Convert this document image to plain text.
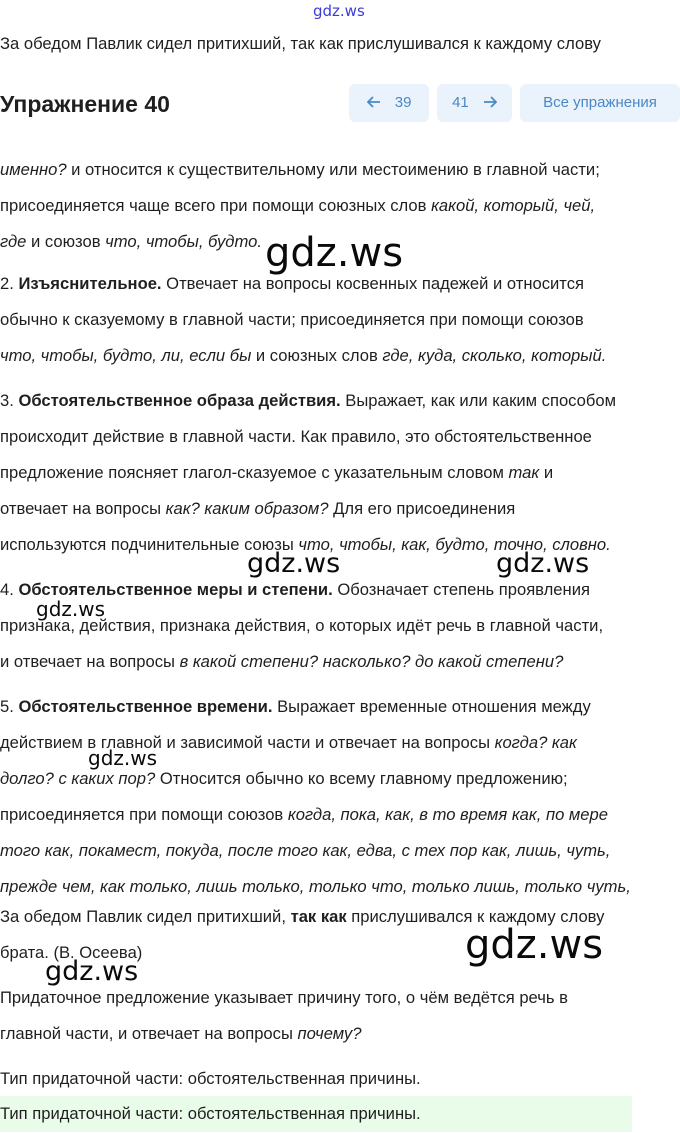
gdz.ws

За обедом Павлик сидел притихший, так как прислушивался к каждому слову

Упражнение 40	39	41	Все упражнения

именно? и относится к существительному или местоимению в главной части;
присоединяется чаще всего при помощи союзных слов какой, который, чей,
где и союзов что, чтобы, будто.

2. Изъяснительное. Отвечает на вопросы косвенных падежей и относится
обычно к сказуемому в главной части; присоединяется при помощи союзов
что, чтобы, будто, ли, если бы и союзных слов где, куда, сколько, который.

3. Обстоятельственное образа действия. Выражает, как или каким способом
происходит действие в главной части. Как правило, это обстоятельственное
предложение поясняет глагол-сказуемое с указательным словом так и
отвечает на вопросы как? каким образом? Для его присоединения
используются подчинительные союзы что, чтобы, как, будто, точно, словно.

4. Обстоятельственное меры и степени. Обозначает степень проявления
признака, действия, признака действия, о которых идёт речь в главной части,
и отвечает на вопросы в какой степени? насколько? до какой степени?

5. Обстоятельственное времени. Выражает временные отношения между
действием в главной и зависимой части и отвечает на вопросы когда? как
долго? с каких пор? Относится обычно ко всему главному предложению;
присоединяется при помощи союзов когда, пока, как, в то время как, по мере
того как, покамест, покуда, после того как, едва, с тех пор как, лишь, чуть,
прежде чем, как только, лишь только, только что, только лишь, только чуть,

За обедом Павлик сидел притихший, так как прислушивался к каждому слову
брата. (В. Осеева)

Придаточное предложение указывает причину того, о чём ведётся речь в
главной части, и отвечает на вопросы почему?

Тип придаточной части: обстоятельственная причины.

Тип придаточной части: обстоятельственная причины.

gdz.ws
gdz.ws	gdz.ws
gdz.ws
gdz.ws
gdz.ws
gdz.ws
